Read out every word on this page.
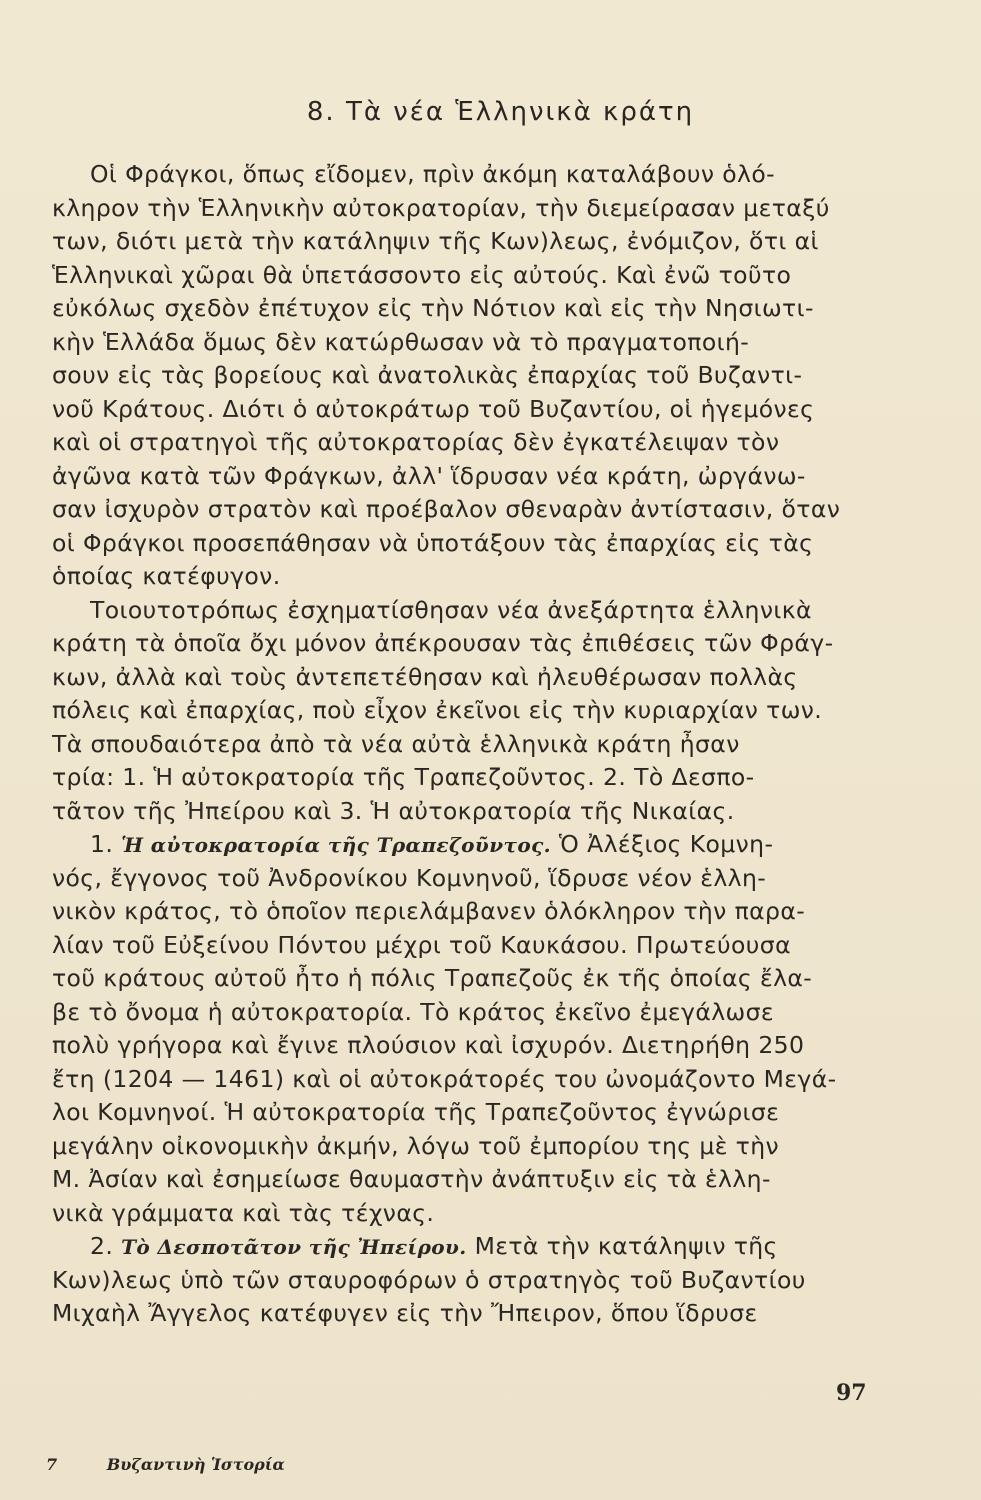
8. Τὰ νέα Ἑλληνικὰ κράτη
Οἱ Φράγκοι, ὅπως εἴδομεν, πρὶν ἀκόμη καταλάβουν ὁλό-
κληρον τὴν Ἑλληνικὴν αὐτοκρατορίαν, τὴν διεμείρασαν μεταξύ
των, διότι μετὰ τὴν κατάληψιν τῆς Κων)λεως, ἐνόμιζον, ὅτι αἱ
Ἑλληνικαὶ χῶραι θὰ ὑπετάσσοντο εἰς αὐτούς. Καὶ ἐνῶ τοῦτο
εὐκόλως σχεδὸν ἐπέτυχον εἰς τὴν Νότιον καὶ εἰς τὴν Νησιωτι-
κὴν Ἑλλάδα ὅμως δὲν κατώρθωσαν νὰ τὸ πραγματοποιή-
σουν εἰς τὰς βορείους καὶ ἀνατολικὰς ἐπαρχίας τοῦ Βυζαντι-
νοῦ Κράτους. Διότι ὁ αὐτοκράτωρ τοῦ Βυζαντίου, οἱ ἡγεμόνες
καὶ οἱ στρατηγοὶ τῆς αὐτοκρατορίας δὲν ἐγκατέλειψαν τὸν
ἀγῶνα κατὰ τῶν Φράγκων, ἀλλ' ἵδρυσαν νέα κράτη, ὠργάνω-
σαν ἰσχυρὸν στρατὸν καὶ προέβαλον σθεναρὰν ἀντίστασιν, ὅταν
οἱ Φράγκοι προσεπάθησαν νὰ ὑποτάξουν τὰς ἐπαρχίας εἰς τὰς
ὁποίας κατέφυγον.
Τοιουτοτρόπως ἐσχηματίσθησαν νέα ἀνεξάρτητα ἑλληνικὰ
κράτη τὰ ὁποῖα ὄχι μόνον ἀπέκρουσαν τὰς ἐπιθέσεις τῶν Φράγ-
κων, ἀλλὰ καὶ τοὺς ἀντεπετέθησαν καὶ ἠλευθέρωσαν πολλὰς
πόλεις καὶ ἐπαρχίας, ποὺ εἶχον ἐκεῖνοι εἰς τὴν κυριαρχίαν των.
Τὰ σπουδαιότερα ἀπὸ τὰ νέα αὐτὰ ἑλληνικὰ κράτη ἦσαν
τρία: 1. Ἡ αὐτοκρατορία τῆς Τραπεζοῦντος. 2. Τὸ Δεσπο-
τᾶτον τῆς Ἠπείρου καὶ 3. Ἡ αὐτοκρατορία τῆς Νικαίας.
1. Ἡ αὐτοκρατορία τῆς Τραπεζοῦντος. Ὁ Ἀλέξιος Κομνη-
νός, ἔγγονος τοῦ Ἀνδρονίκου Κομνηνοῦ, ἵδρυσε νέον ἑλλη-
νικὸν κράτος, τὸ ὁποῖον περιελάμβανεν ὁλόκληρον τὴν παρα-
λίαν τοῦ Εὐξείνου Πόντου μέχρι τοῦ Καυκάσου. Πρωτεύουσα
τοῦ κράτους αὐτοῦ ἦτο ἡ πόλις Τραπεζοῦς ἐκ τῆς ὁποίας ἔλα-
βε τὸ ὄνομα ἡ αὐτοκρατορία. Τὸ κράτος ἐκεῖνο ἐμεγάλωσε
πολὺ γρήγορα καὶ ἔγινε πλούσιον καὶ ἰσχυρόν. Διετηρήθη 250
ἔτη (1204 — 1461) καὶ οἱ αὐτοκράτορές του ὠνομάζοντο Μεγά-
λοι Κομνηνοί. Ἡ αὐτοκρατορία τῆς Τραπεζοῦντος ἐγνώρισε
μεγάλην οἰκονομικὴν ἀκμήν, λόγω τοῦ ἐμπορίου της μὲ τὴν
Μ. Ἀσίαν καὶ ἐσημείωσε θαυμαστὴν ἀνάπτυξιν εἰς τὰ ἑλλη-
νικὰ γράμματα καὶ τὰς τέχνας.
2. Τὸ Δεσποτᾶτον τῆς Ἠπείρου. Μετὰ τὴν κατάληψιν τῆς
Κων)λεως ὑπὸ τῶν σταυροφόρων ὁ στρατηγὸς τοῦ Βυζαντίου
Μιχαὴλ Ἄγγελος κατέφυγεν εἰς τὴν Ἤπειρον, ὅπου ἵδρυσε
97
7	Βυζαντινὴ Ἱστορία
